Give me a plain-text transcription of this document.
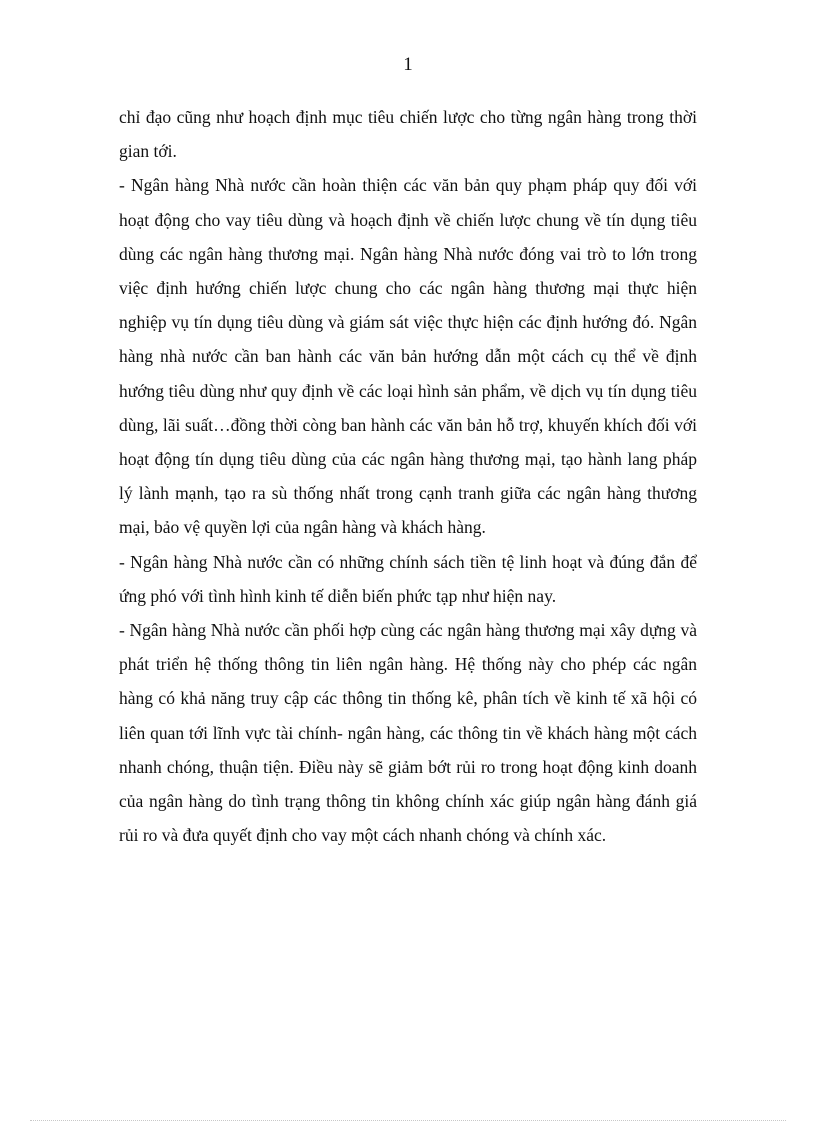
1

chỉ đạo cũng như hoạch định mục tiêu chiến lược cho từng ngân hàng trong thời gian tới.

- Ngân hàng Nhà nước cần hoàn thiện các văn bản quy phạm pháp quy đối với hoạt động cho vay tiêu dùng và hoạch định về chiến lược chung về tín dụng tiêu dùng các ngân hàng thương mại. Ngân hàng Nhà nước đóng vai trò to lớn trong việc định hướng chiến lược chung cho các ngân hàng thương mại thực hiện nghiệp vụ tín dụng tiêu dùng và giám sát việc thực hiện các định hướng đó. Ngân hàng nhà nước cần ban hành các văn bản hướng dẫn một cách cụ thể về định hướng tiêu dùng như quy định về các loại hình sản phẩm, về dịch vụ tín dụng tiêu dùng, lãi suất…đồng thời còng ban hành các văn bản hỗ trợ, khuyến khích đối với hoạt động tín dụng tiêu dùng của các ngân hàng thương mại, tạo hành lang pháp lý lành mạnh, tạo ra sù thống nhất trong cạnh tranh giữa các ngân hàng thương mại, bảo vệ quyền lợi của ngân hàng và khách hàng.

- Ngân hàng Nhà nước cần có những chính sách tiền tệ linh hoạt và đúng đắn để ứng phó với tình hình kinh tế diễn biến phức tạp như hiện nay.

- Ngân hàng Nhà nước cần phối hợp cùng các ngân hàng thương mại xây dựng và phát triển hệ thống thông tin liên ngân hàng. Hệ thống này cho phép các ngân hàng có khả năng truy cập các thông tin thống kê, phân tích về kinh tế xã hội có liên quan tới lĩnh vực tài chính- ngân hàng, các thông tin về khách hàng một cách nhanh chóng, thuận tiện. Điều này sẽ giảm bớt rủi ro trong hoạt động kinh doanh của ngân hàng do tình trạng thông tin không chính xác giúp ngân hàng đánh giá rủi ro và đưa quyết định cho vay một cách nhanh chóng và chính xác.
